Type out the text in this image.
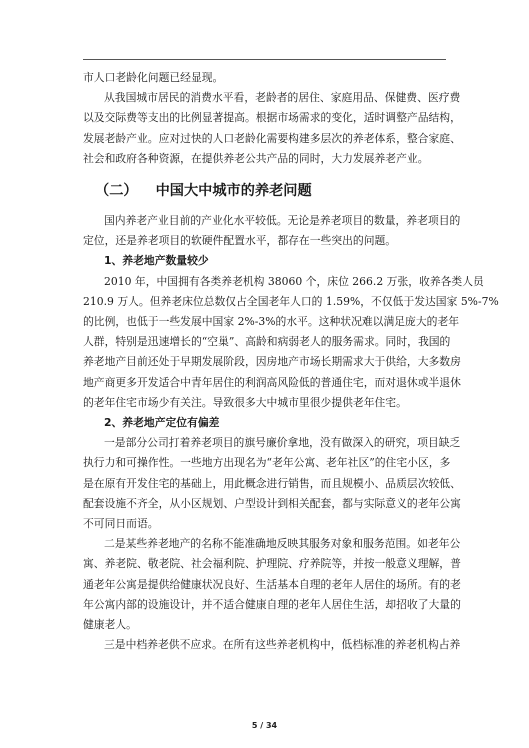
市人口老龄化问题已经显现。

从我国城市居民的消费水平看，老龄者的居住、家庭用品、保健费、医疗费
以及交际费等支出的比例显著提高。根据市场需求的变化，适时调整产品结构，
发展老龄产业。应对过快的人口老龄化需要构建多层次的养老体系，整合家庭、
社会和政府各种资源，在提供养老公共产品的同时，大力发展养老产业。

（二） 中国大中城市的养老问题

国内养老产业目前的产业化水平较低。无论是养老项目的数量，养老项目的
定位，还是养老项目的软硬件配置水平，都存在一些突出的问题。

1、养老地产数量较少

2010 年，中国拥有各类养老机构 38060 个，床位 266.2 万张，收养各类人员
210.9 万人。但养老床位总数仅占全国老年人口的 1.59%，不仅低于发达国家 5%-7%
的比例，也低于一些发展中国家 2%-3%的水平。这种状况难以满足庞大的老年
人群，特别是迅速增长的“空巢”、高龄和病弱老人的服务需求。同时，我国的
养老地产目前还处于早期发展阶段，因房地产市场长期需求大于供给，大多数房
地产商更多开发适合中青年居住的利润高风险低的普通住宅，而对退休或半退休
的老年住宅市场少有关注。导致很多大中城市里很少提供老年住宅。

2、养老地产定位有偏差

一是部分公司打着养老项目的旗号廉价拿地，没有做深入的研究，项目缺乏
执行力和可操作性。一些地方出现名为“老年公寓、老年社区”的住宅小区，多
是在原有开发住宅的基础上，用此概念进行销售，而且规模小、品质层次较低、
配套设施不齐全，从小区规划、户型设计到相关配套，都与实际意义的老年公寓
不可同日而语。

二是某些养老地产的名称不能准确地反映其服务对象和服务范围。如老年公
寓、养老院、敬老院、社会福利院、护理院、疗养院等，并按一般意义理解，普
通老年公寓是提供给健康状况良好、生活基本自理的老年人居住的场所。有的老
年公寓内部的设施设计，并不适合健康自理的老年人居住生活，却招收了大量的
健康老人。

三是中档养老供不应求。在所有这些养老机构中，低档标准的养老机构占养

5 / 34
